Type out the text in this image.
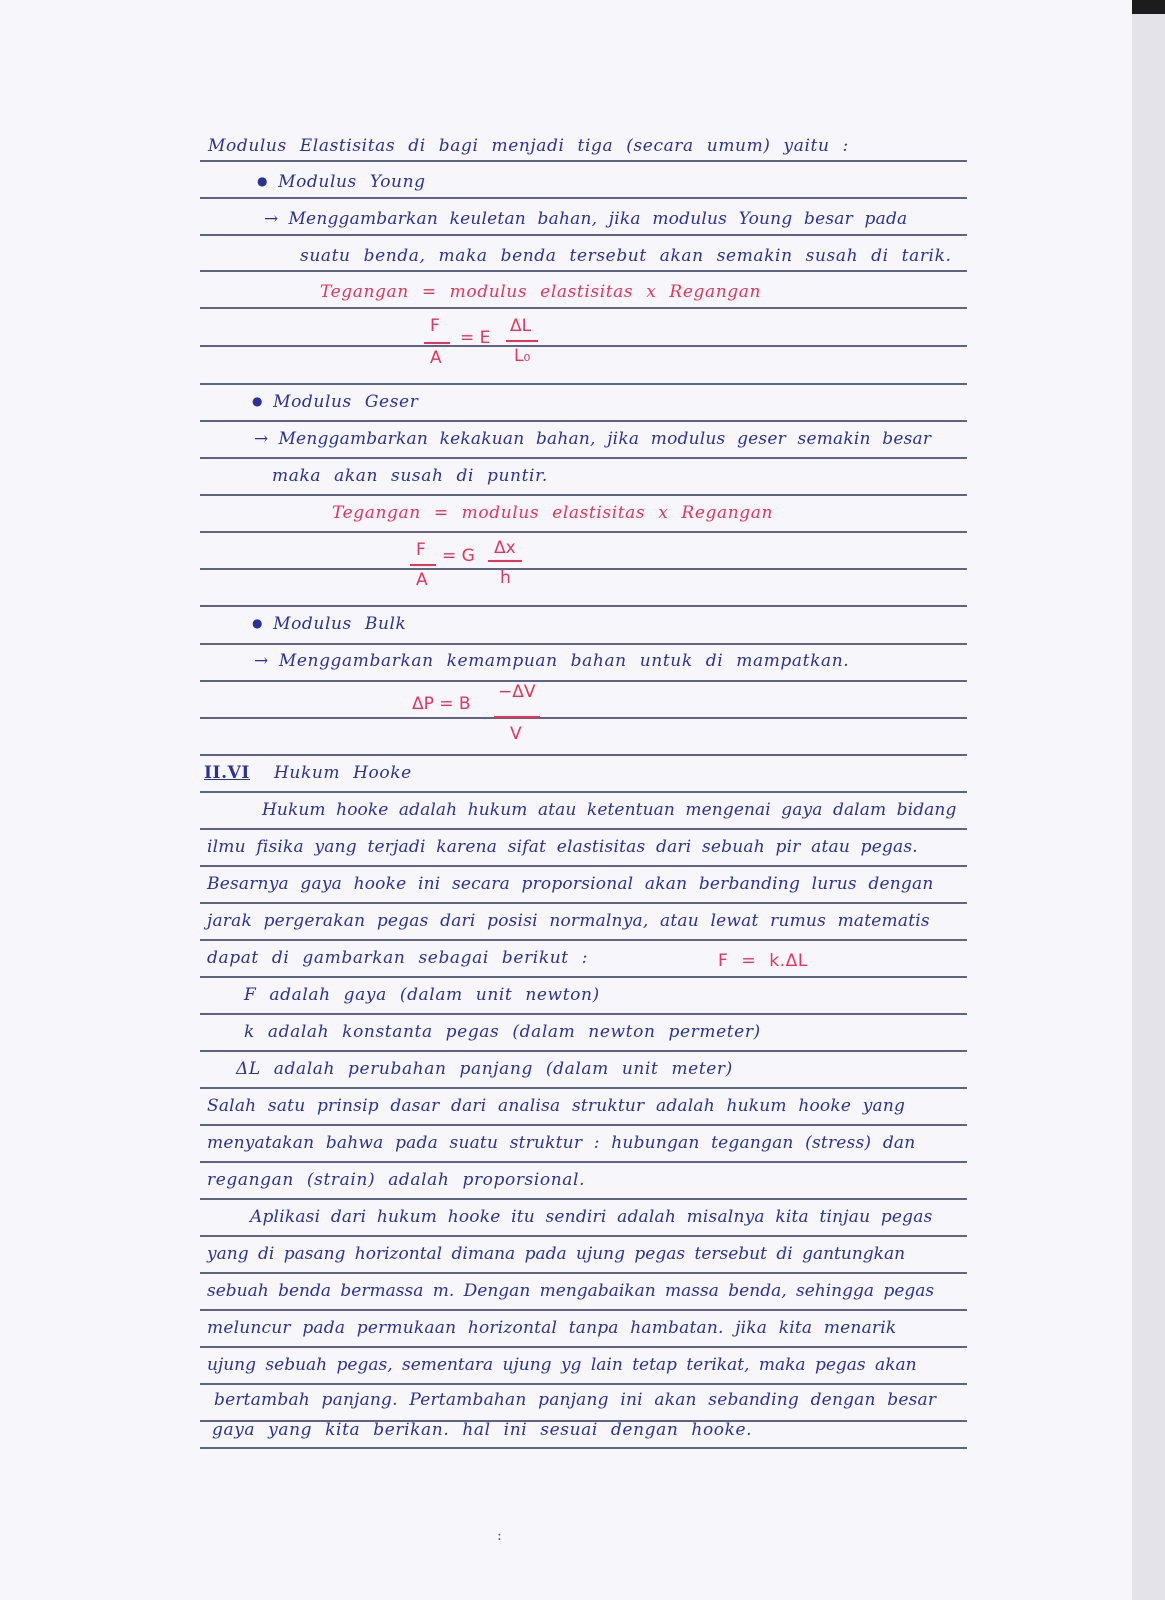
Modulus Elastisitas di bagi menjadi tiga (secara umum) yaitu :
● Modulus Young
→ Menggambarkan keuletan bahan, jika modulus Young besar pada
suatu benda, maka benda tersebut akan semakin susah di tarik.
Tegangan = modulus elastisitas x Regangan
F
A
= E
ΔL
L₀
● Modulus Geser
→ Menggambarkan kekakuan bahan, jika modulus geser semakin besar
maka akan susah di puntir.
Tegangan = modulus elastisitas x Regangan
F
A
= G Δx
h
● Modulus Bulk
→ Menggambarkan kemampuan bahan untuk di mampatkan.
ΔP = B
−ΔV
V
II.VI Hukum Hooke
Hukum hooke adalah hukum atau ketentuan mengenai gaya dalam bidang
ilmu fisika yang terjadi karena sifat elastisitas dari sebuah pir atau pegas.
Besarnya gaya hooke ini secara proporsional akan berbanding lurus dengan
jarak pergerakan pegas dari posisi normalnya, atau lewat rumus matematis
dapat di gambarkan sebagai berikut :	F = k.ΔL
F adalah gaya (dalam unit newton)
k adalah konstanta pegas (dalam newton permeter)
ΔL adalah perubahan panjang (dalam unit meter)
Salah satu prinsip dasar dari analisa struktur adalah hukum hooke yang
menyatakan bahwa pada suatu struktur : hubungan tegangan (stress) dan
regangan (strain) adalah proporsional.
Aplikasi dari hukum hooke itu sendiri adalah misalnya kita tinjau pegas
yang di pasang horizontal dimana pada ujung pegas tersebut di gantungkan
sebuah benda bermassa m. Dengan mengabaikan massa benda, sehingga pegas
meluncur pada permukaan horizontal tanpa hambatan. jika kita menarik
ujung sebuah pegas, sementara ujung yg lain tetap terikat, maka pegas akan
bertambah panjang. Pertambahan panjang ini akan sebanding dengan besar
gaya yang kita berikan. hal ini sesuai dengan hooke.
:
